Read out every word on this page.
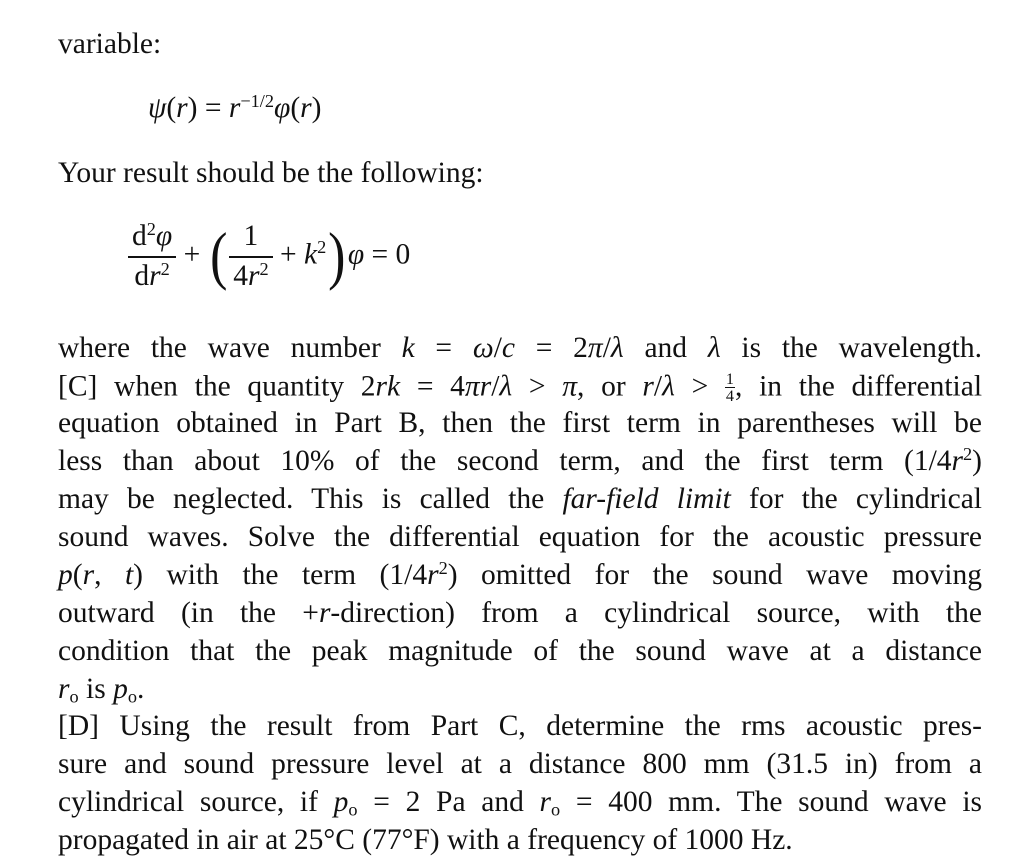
variable:
$\psi(r) = r^{-1/2}\varphi(r)$
Your result should be the following:
$\frac{d^2\varphi}{dr^2}$ + ( $\frac{1}{4r^2} + k^2)\varphi = 0$
where the wave number k = ω/c = 2π/λ and λ is the wavelength.
[C] when the quantity 2rk = 4πr/λ > π, or $r/\lambda > \frac{1}{4}$ , in the differential
equation obtained in Part B, then the first term in parentheses will be
less than about 10% of the second term, and the first term $(1/4r^2)$
may be neglected. This is called the far-field limit for the cylindrical
sound waves. Solve the differential equation for the acoustic pressure
p(r, t) with the term $(1/4r^2)$ omitted for the sound wave moving
outward (in the +r-direction) from a cylindrical source, with the
condition that the peak magnitude of the sound wave at a distance
$r_o$ is $p_o$.
[D] Using the result from Part C, determine the rms acoustic pres-
sure and sound pressure level at a distance 800 mm (31.5 in) from a
cylindrical source, if $p_o = 2$ Pa and $r_o = 400$ mm. The sound wave is
propagated in air at 25°C (77°F) with a frequency of 1000 Hz.
